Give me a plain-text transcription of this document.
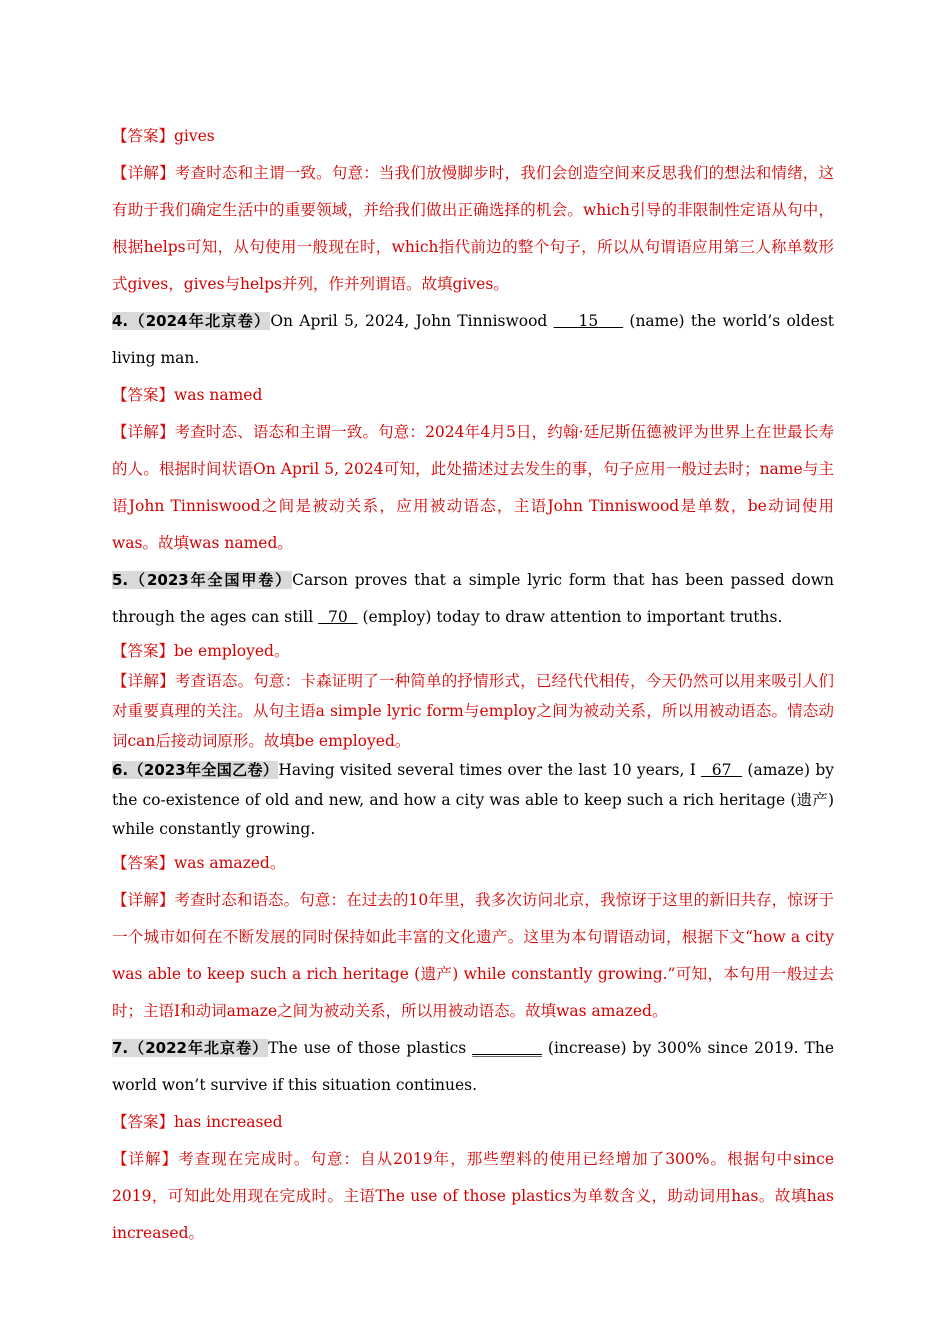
【答案】gives

【详解】考查时态和主谓一致。句意：当我们放慢脚步时，我们会创造空间来反思我们的想法和情绪，这有助于我们确定生活中的重要领域，并给我们做出正确选择的机会。which引导的非限制性定语从句中，根据helps可知，从句使用一般现在时，which指代前边的整个句子，所以从句谓语应用第三人称单数形式gives，gives与helps并列，作并列谓语。故填gives。

4.（2024年北京卷）On April 5, 2024, John Tinniswood     15     (name) the world’s oldest living man.

【答案】was named

【详解】考查时态、语态和主谓一致。句意：2024年4月5日，约翰·廷尼斯伍德被评为世界上在世最长寿的人。根据时间状语On April 5, 2024可知，此处描述过去发生的事，句子应用一般过去时；name与主语John Tinniswood之间是被动关系，应用被动语态，主语John Tinniswood是单数，be动词使用was。故填was named。

5.（2023年全国甲卷）Carson proves that a simple lyric form that has been passed down through the ages can still   70   (employ) today to draw attention to important truths.

【答案】be employed。

【详解】考查语态。句意：卡森证明了一种简单的抒情形式，已经代代相传，今天仍然可以用来吸引人们对重要真理的关注。从句主语a simple lyric form与employ之间为被动关系，所以用被动语态。情态动词can后接动词原形。故填be employed。

6.（2023年全国乙卷）Having visited several times over the last 10 years, I   67   (amaze) by the co-existence of old and new, and how a city was able to keep such a rich heritage (遗产) while constantly growing.

【答案】was amazed。

【详解】考查时态和语态。句意：在过去的10年里，我多次访问北京，我惊讶于这里的新旧共存，惊讶于一个城市如何在不断发展的同时保持如此丰富的文化遗产。这里为本句谓语动词，根据下文“how a city was able to keep such a rich heritage (遗产) while constantly growing.”可知，本句用一般过去时；主语I和动词amaze之间为被动关系，所以用被动语态。故填was amazed。

7.（2022年北京卷）The use of those plastics _________ (increase) by 300% since 2019. The world won’t survive if this situation continues.

【答案】has increased

【详解】考查现在完成时。句意：自从2019年，那些塑料的使用已经增加了300%。根据句中since 2019，可知此处用现在完成时。主语The use of those plastics为单数含义，助动词用has。故填has increased。
